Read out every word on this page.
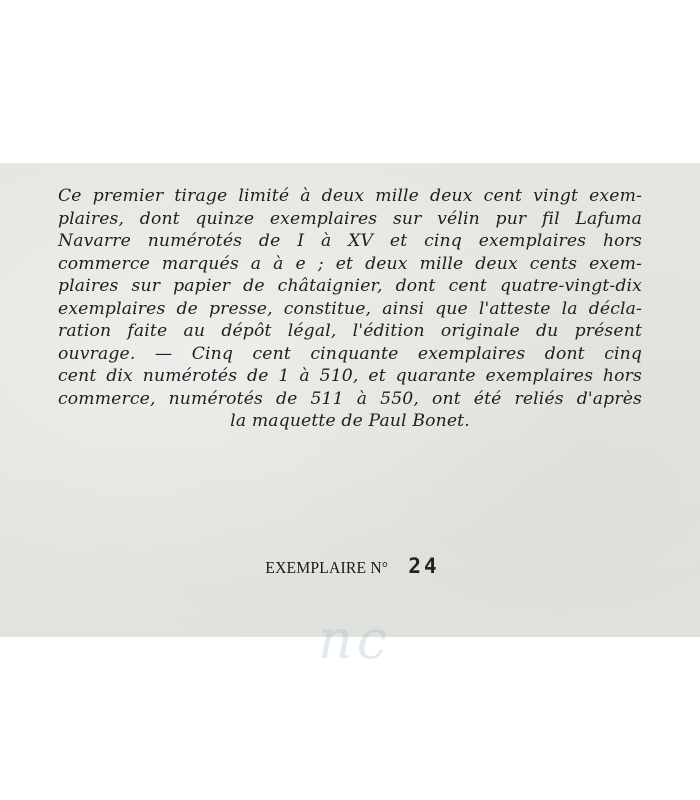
nc
Ce premier tirage limité à deux mille deux cent vingt exem-
plaires, dont quinze exemplaires sur vélin pur fil Lafuma
Navarre numérotés de I à XV et cinq exemplaires hors
commerce marqués a à e ; et deux mille deux cents exem-
plaires sur papier de châtaignier, dont cent quatre-vingt-dix
exemplaires de presse, constitue, ainsi que l'atteste la décla-
ration faite au dépôt légal, l'édition originale du présent
ouvrage. — Cinq cent cinquante exemplaires dont cinq
cent dix numérotés de 1 à 510, et quarante exemplaires hors
commerce, numérotés de 511 à 550, ont été reliés d'après
la maquette de Paul Bonet.
EXEMPLAIRE N° 24
